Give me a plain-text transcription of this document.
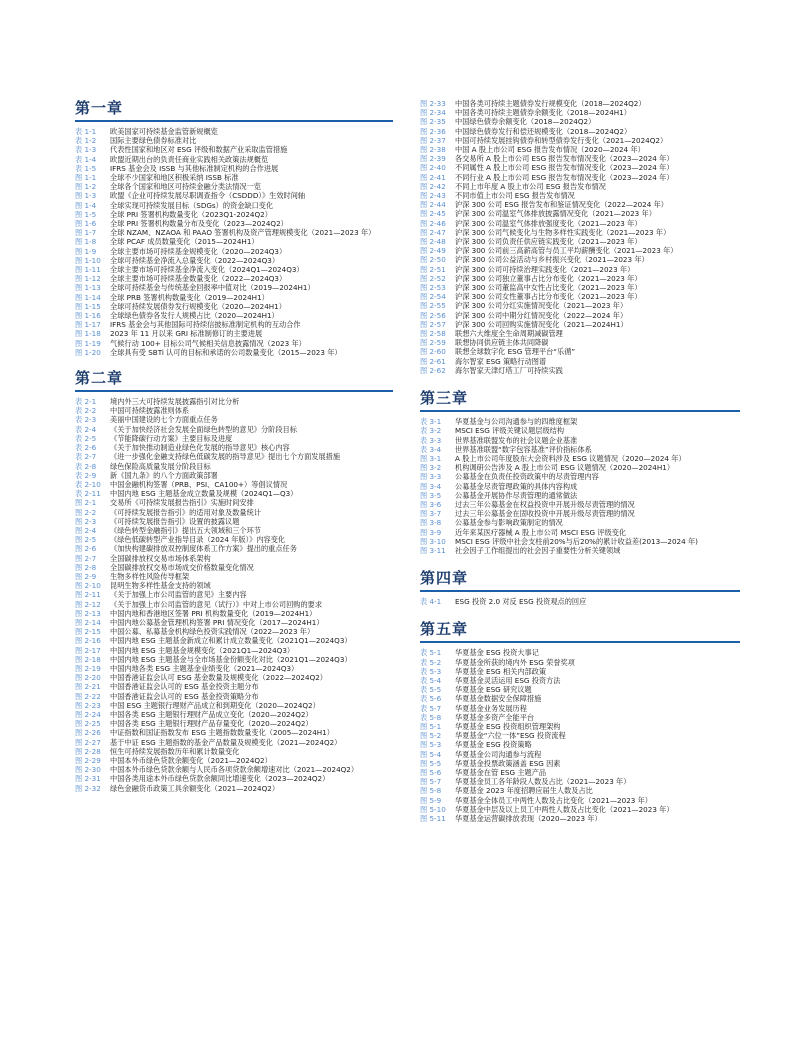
第一章
表 1-1	欧美国家可持续基金监管新规概览
表 1-2	国际主要绿色债券标准对比
表 1-3	代表性国家和地区对 ESG 评级和数据产业采取监管措施
表 1-4	欧盟近期出台的负责任商业实践相关政策法规概览
表 1-5	IFRS 基金会及 ISSB 与其他标准制定机构的合作进展
图 1-1	全球不少国家和地区积极采纳 ISSB 标准
图 1-2	全球各个国家和地区可持续金融分类法情况一览
图 1-3	欧盟《企业可持续发展尽职调查指令（CSDDD）》生效时间轴
图 1-4	全球实现可持续发展目标（SDGs）的资金缺口变化
图 1-5	全球 PRI 签署机构数量变化（2023Q1-2024Q2）
图 1-6	全球 PRI 签署机构数量分布及变化（2023—2024Q2）
图 1-7	全球 NZAM、NZAOA 和 PAAO 签署机构及资产管理规模变化（2021—2023 年）
图 1-8	全球 PCAF 成员数量变化（2015—2024H1）
图 1-9	全球主要市场可持续基金规模变化（2020—2024Q3）
图 1-10	全球可持续基金净流入总量变化（2022—2024Q3）
图 1-11	全球主要市场可持续基金净流入变化（2024Q1—2024Q3）
图 1-12	全球主要市场可持续基金数量变化（2022—2024Q3）
图 1-13	全球可持续基金与传统基金回报率中值对比（2019—2024H1）
图 1-14	全球 PRB 签署机构数量变化（2019—2024H1）
图 1-15	全球可持续发展债券发行规模变化（2020—2024H1）
图 1-16	全球绿色债券各发行人规模占比（2020—2024H1）
图 1-17	IFRS 基金会与其他国际可持续信披标准制定机构的互动合作
图 1-18	2023 年 11 月以来 GRI 标准制修订的主要进展
图 1-19	气候行动 100+ 目标公司气候相关信息披露情况（2023 年）
图 1-20	全球具有受 SBTi 认可的目标和承诺的公司数量变化（2015—2023 年）
第二章
表 2-1	境内外三大可持续发展披露指引对比分析
表 2-2	中国可持续披露准则体系
表 2-3	美丽中国建设的七个方面重点任务
表 2-4	《关于加快经济社会发展全面绿色转型的意见》分阶段目标
表 2-5	《节能降碳行动方案》主要目标及进度
表 2-6	《关于加快推动制造业绿色化发展的指导意见》核心内容
表 2-7	《进一步强化金融支持绿色低碳发展的指导意见》提出七个方面发展措施
表 2-8	绿色保险高质量发展分阶段目标
表 2-9	新《国九条》的八个方面政策部署
表 2-10	中国金融机构签署（PRB、PSI、CA100+）等倡议情况
表 2-11	中国内地 ESG 主题基金成立数量及规模（2024Q1—Q3）
图 2-1	交易所《可持续发展报告指引》实施时间安排
图 2-2	《可持续发展报告指引》的适用对象及数量统计
图 2-3	《可持续发展报告指引》设置的披露议题
图 2-4	《绿色转型金融指引》提出五大领域和三个环节
图 2-5	《绿色低碳转型产业指导目录（2024 年版）》内容变化
图 2-6	《加快构建碳排放双控制度体系工作方案》提出的重点任务
图 2-7	全国碳排放权交易市场体系架构
图 2-8	全国碳排放权交易市场成交价格数量变化情况
图 2-9	生物多样性风险传导框架
图 2-10	昆明生物多样性基金支持的领域
图 2-11	《关于加强上市公司监管的意见》主要内容
图 2-12	《关于加强上市公司监管的意见（试行）》中对上市公司回购的要求
图 2-13	中国内地和香港地区签署 PRI 机构数量变化（2019—2024H1）
图 2-14	中国内地公募基金管理机构签署 PRI 情况变化（2017—2024H1）
图 2-15	中国公募、私募基金机构绿色投资实践情况（2022—2023 年）
图 2-16	中国内地 ESG 主题基金新成立和累计成立数量变化（2021Q1—2024Q3）
图 2-17	中国内地 ESG 主题基金规模变化（2021Q1—2024Q3）
图 2-18	中国内地 ESG 主题基金与全市场基金份额变化对比（2021Q1—2024Q3）
图 2-19	中国内地各类 ESG 主题基金业绩变化（2021—2024Q3）
图 2-20	中国香港证监会认可 ESG 基金数量及规模变化（2022—2024Q2）
图 2-21	中国香港证监会认可的 ESG 基金投资主题分布
图 2-22	中国香港证监会认可的 ESG 基金投资策略分布
图 2-23	中国 ESG 主题银行理财产品成立和到期变化（2020—2024Q2）
图 2-24	中国各类 ESG 主题银行理财产品成立变化（2020—2024Q2）
图 2-25	中国各类 ESG 主题银行理财产品存量变化（2020—2024Q2）
图 2-26	中证指数和国证指数发布 ESG 主题指数数量变化（2005—2024H1）
图 2-27	基于中证 ESG 主题指数的基金产品数量及规模变化（2021—2024Q2）
图 2-28	恒生可持续发展指数历年和累计数量变化
图 2-29	中国本外币绿色贷款余额变化（2021—2024Q2）
图 2-30	中国本外币绿色贷款余额与人民币各项贷款余额增速对比（2021—2024Q2）
图 2-31	中国各类用途本外币绿色贷款余额同比增速变化（2023—2024Q2）
图 2-32	绿色金融货币政策工具余额变化（2021—2024Q2）
图 2-33	中国各类可持续主题债券发行规模变化（2018—2024Q2）
图 2-34	中国各类可持续主题债券余额变化（2018—2024H1）
图 2-35	中国绿色债券余额变化（2018—2024Q2）
图 2-36	中国绿色债券发行和偿还规模变化（2018—2024Q2）
图 2-37	中国可持续发展挂钩债券和转型债券发行变化（2021—2024Q2）
图 2-38	中国 A 股上市公司 ESG 报告发布情况（2020—2024 年）
图 2-39	各交易所 A 股上市公司 ESG 报告发布情况变化（2023—2024 年）
图 2-40	不同属性 A 股上市公司 ESG 报告发布情况变化（2023—2024 年）
图 2-41	不同行业 A 股上市公司 ESG 报告发布情况变化（2023—2024 年）
图 2-42	不同上市年度 A 股上市公司 ESG 报告发布情况
图 2-43	不同市值上市公司 ESG 报告发布情况
图 2-44	沪深 300 公司 ESG 报告发布和鉴证情况变化（2022—2024 年）
图 2-45	沪深 300 公司温室气体排放披露情况变化（2021—2023 年）
图 2-46	沪深 300 公司温室气体排放强度变化（2021—2023 年）
图 2-47	沪深 300 公司气候变化与生物多样性实践变化（2021—2023 年）
图 2-48	沪深 300 公司负责任供应链实践变化（2021—2023 年）
图 2-49	沪深 300 公司前三高薪高管与员工平均薪酬变化（2021—2023 年）
图 2-50	沪深 300 公司公益活动与乡村振兴变化（2021—2023 年）
图 2-51	沪深 300 公司可持续治理实践变化（2021—2023 年）
图 2-52	沪深 300 公司独立董事占比分布变化（2021—2023 年）
图 2-53	沪深 300 公司董监高中女性占比变化（2021—2023 年）
图 2-54	沪深 300 公司女性董事占比分布变化（2021—2023 年）
图 2-55	沪深 300 公司分红实施情况变化（2021—2023 年）
图 2-56	沪深 300 公司中期分红情况变化（2022—2024 年）
图 2-57	沪深 300 公司回购实施情况变化（2021—2024H1）
图 2-58	联想六大维度全生命周期减碳管理
图 2-59	联想协同供应链主体共同降碳
图 2-60	联想全球数字化 ESG 管理平台“乐循”
图 2-61	海尔智家 ESG 策略行动图谱
图 2-62	海尔智家天津灯塔工厂可持续实践
第三章
表 3-1	华夏基金与公司沟通参与的四维度框架
表 3-2	MSCI ESG 评级关键议题层级结构
表 3-3	世界基准联盟发布的社会议题企业基准
表 3-4	世界基准联盟“数字包容基准”评价指标体系
图 3-1	A 股上市公司年度股东大会资料涉及 ESG 议题情况（2020—2024 年）
图 3-2	机构调研公告涉及 A 股上市公司 ESG 议题情况（2020—2024H1）
图 3-3	公募基金在负责任投资政策中的尽责管理内容
图 3-4	公募基金尽责管理政策的具体内容构成
图 3-5	公募基金开展协作尽责管理的通常做法
图 3-6	过去三年公募基金在权益投资中开展升级尽责管理的情况
图 3-7	过去三年公募基金在固收投资中开展升级尽责管理的情况
图 3-8	公募基金参与影响政策制定的情况
图 3-9	近年来某医疗器械 A 股上市公司 MSCI ESG 评级变化
图 3-10	MSCI ESG 评级中社会支柱前20%与后20%的累计收益差(2013—2024 年)
图 3-11	社会因子工作组提出的社会因子重要性分析关键领域
第四章
表 4-1	ESG 投资 2.0 对反 ESG 投资观点的回应
第五章
表 5-1	华夏基金 ESG 投资大事记
表 5-2	华夏基金所获的境内外 ESG 荣誉奖项
表 5-3	华夏基金 ESG 相关内部政策
表 5-4	华夏基金灵活运用 ESG 投资方法
表 5-5	华夏基金 ESG 研究议题
表 5-6	华夏基金数据安全保障措施
表 5-7	华夏基金业务发展历程
表 5-8	华夏基金多资产全能平台
图 5-1	华夏基金 ESG 投资组织管理架构
图 5-2	华夏基金“六位一体”ESG 投资流程
图 5-3	华夏基金 ESG 投资策略
图 5-4	华夏基金公司沟通参与流程
图 5-5	华夏基金投票政策涵盖 ESG 因素
图 5-6	华夏基金在管 ESG 主题产品
图 5-7	华夏基金员工各年龄段人数及占比（2021—2023 年）
图 5-8	华夏基金 2023 年度招聘应届生人数及占比
图 5-9	华夏基金全体员工中两性人数及占比变化（2021—2023 年）
图 5-10	华夏基金中层及以上员工中两性人数及占比变化（2021—2023 年）
图 5-11	华夏基金运营碳排放表现（2020—2023 年）
